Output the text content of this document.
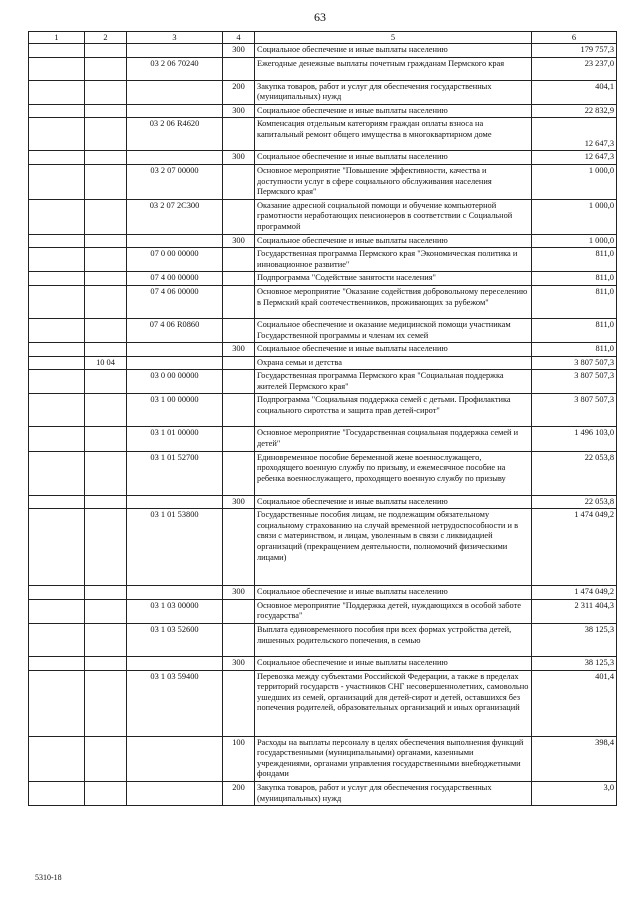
63
1	2	3	4	5	6
			300	Социальное обеспечение и иные выплаты населению	179 757,3
		03 2 06 70240		Ежегодные денежные выплаты почетным гражданам Пермского края	23 237,0
			200	Закупка товаров, работ и услуг для обеспечения государственных (муниципальных) нужд	404,1
			300	Социальное обеспечение и иные выплаты населению	22 832,9
		03 2 06 R4620		Компенсация отдельным категориям граждан оплаты взноса на капитальный ремонт общего имущества в многоквартирном доме	12 647,3
			300	Социальное обеспечение и иные выплаты населению	12 647,3
		03 2 07 00000		Основное мероприятие "Повышение эффективности, качества и доступности услуг в сфере социального обслуживания населения Пермского края"	1 000,0
		03 2 07 2С300		Оказание адресной социальной помощи и обучение компьютерной грамотности неработающих пенсионеров в соответствии с Социальной программой	1 000,0
			300	Социальное обеспечение и иные выплаты населению	1 000,0
		07 0 00 00000		Государственная программа Пермского края "Экономическая политика и инновационное развитие"	811,0
		07 4 00 00000		Подпрограмма "Содействие занятости населения"	811,0
		07 4 06 00000		Основное мероприятие "Оказание содействия добровольному переселению в Пермский край соотечественников, проживающих за рубежом"	811,0
		07 4 06 R0860		Социальное обеспечение и оказание медицинской помощи участникам Государственной программы и членам их семей	811,0
			300	Социальное обеспечение и иные выплаты населению	811,0
	10 04			Охрана семьи и детства	3 807 507,3
		03 0 00 00000		Государственная программа Пермского края "Социальная поддержка жителей Пермского края"	3 807 507,3
		03 1 00 00000		Подпрограмма "Социальная поддержка семей с детьми. Профилактика социального сиротства и защита прав детей-сирот"	3 807 507,3
		03 1 01 00000		Основное мероприятие "Государственная социальная поддержка семей и детей"	1 496 103,0
		03 1 01 52700		Единовременное пособие беременной жене военнослужащего, проходящего военную службу по призыву, и ежемесячное пособие на ребенка военнослужащего, проходящего военную службу по призыву	22 053,8
			300	Социальное обеспечение и иные выплаты населению	22 053,8
		03 1 01 53800		Государственные пособия лицам, не подлежащим обязательному социальному страхованию на случай временной нетрудоспособности и в связи с материнством, и лицам, уволенным в связи с ликвидацией организаций (прекращением деятельности, полномочий физическими лицами)	1 474 049,2
			300	Социальное обеспечение и иные выплаты населению	1 474 049,2
		03 1 03 00000		Основное мероприятие "Поддержка детей, нуждающихся в особой заботе государства"	2 311 404,3
		03 1 03 52600		Выплата единовременного пособия при всех формах устройства детей, лишенных родительского попечения, в семью	38 125,3
			300	Социальное обеспечение и иные выплаты населению	38 125,3
		03 1 03 59400		Перевозка между субъектами Российской Федерации, а также в пределах территорий государств - участников СНГ несовершеннолетних, самовольно ушедших из семей, организаций для детей-сирот и детей, оставшихся без попечения родителей, образовательных организаций и иных организаций	401,4
			100	Расходы на выплаты персоналу в целях обеспечения выполнения функций государственными (муниципальными) органами, казенными учреждениями, органами управления государственными внебюджетными фондами	398,4
			200	Закупка товаров, работ и услуг для обеспечения государственных (муниципальных) нужд	3,0
5310-18
